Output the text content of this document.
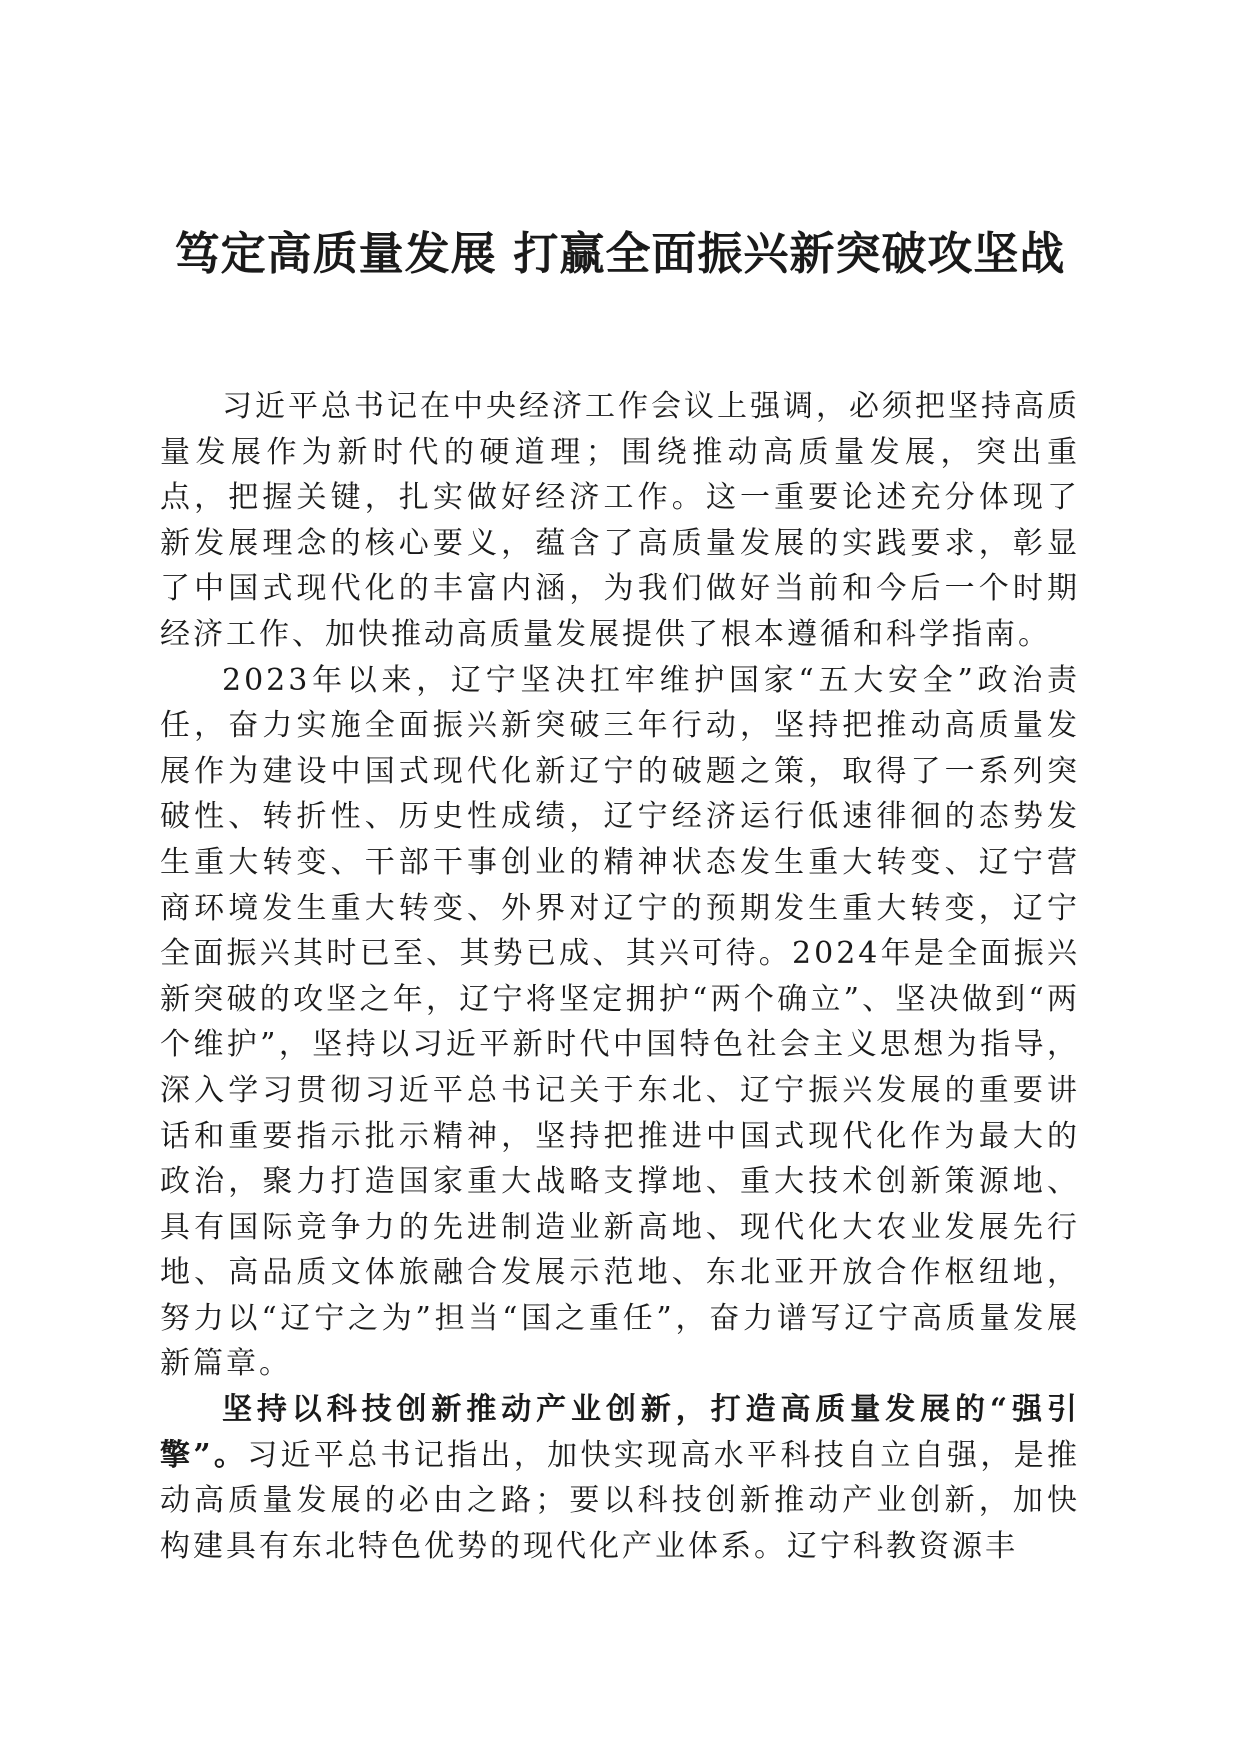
笃定高质量发展 打赢全面振兴新突破攻坚战

习近平总书记在中央经济工作会议上强调，必须把坚持高质量发展作为新时代的硬道理；围绕推动高质量发展，突出重点，把握关键，扎实做好经济工作。这一重要论述充分体现了新发展理念的核心要义，蕴含了高质量发展的实践要求，彰显了中国式现代化的丰富内涵，为我们做好当前和今后一个时期经济工作、加快推动高质量发展提供了根本遵循和科学指南。

2023年以来，辽宁坚决扛牢维护国家“五大安全”政治责任，奋力实施全面振兴新突破三年行动，坚持把推动高质量发展作为建设中国式现代化新辽宁的破题之策，取得了一系列突破性、转折性、历史性成绩，辽宁经济运行低速徘徊的态势发生重大转变、干部干事创业的精神状态发生重大转变、辽宁营商环境发生重大转变、外界对辽宁的预期发生重大转变，辽宁全面振兴其时已至、其势已成、其兴可待。2024年是全面振兴新突破的攻坚之年，辽宁将坚定拥护“两个确立”、坚决做到“两个维护”，坚持以习近平新时代中国特色社会主义思想为指导，深入学习贯彻习近平总书记关于东北、辽宁振兴发展的重要讲话和重要指示批示精神，坚持把推进中国式现代化作为最大的政治，聚力打造国家重大战略支撑地、重大技术创新策源地、具有国际竞争力的先进制造业新高地、现代化大农业发展先行地、高品质文体旅融合发展示范地、东北亚开放合作枢纽地，努力以“辽宁之为”担当“国之重任”，奋力谱写辽宁高质量发展新篇章。

坚持以科技创新推动产业创新，打造高质量发展的“强引擎”。习近平总书记指出，加快实现高水平科技自立自强，是推动高质量发展的必由之路；要以科技创新推动产业创新，加快构建具有东北特色优势的现代化产业体系。辽宁科教资源丰
